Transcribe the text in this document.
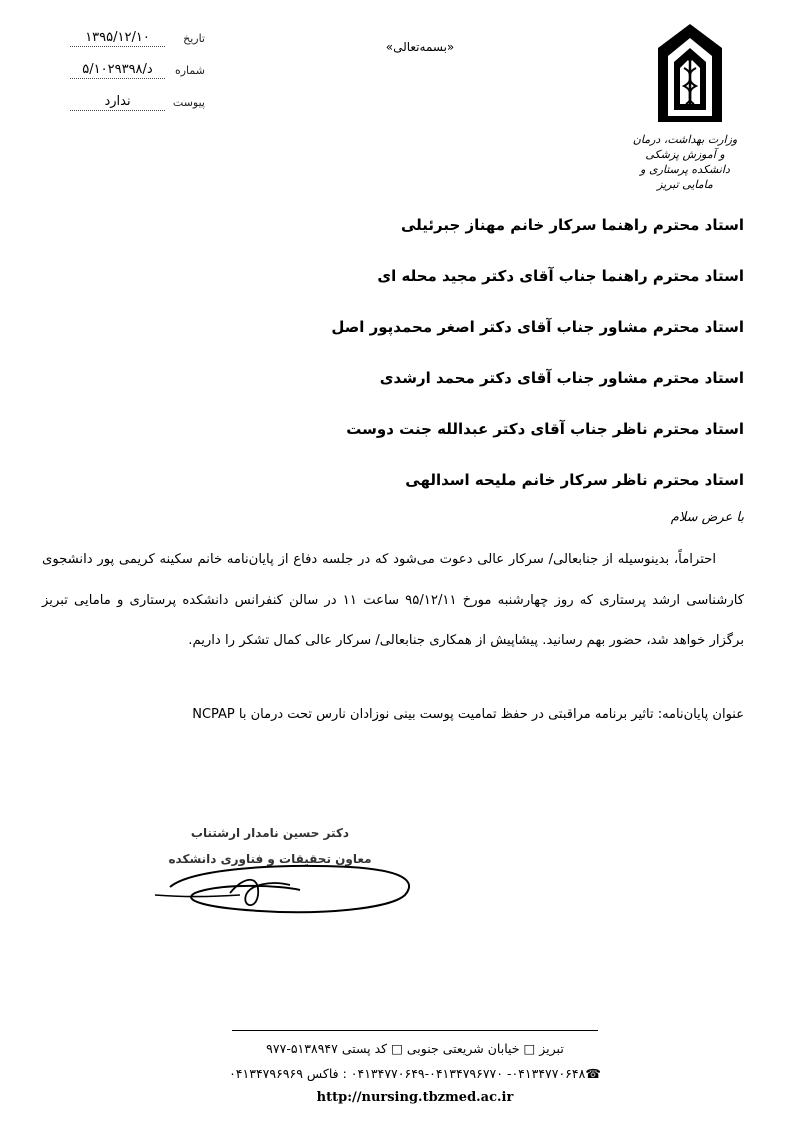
تاریخ
۱۳۹۵/۱۲/۱۰
شماره
۵/د/۱۰۲۹۳۹۸
پیوست
ندارد
«بسمه‌تعالی»
وزارت بهداشت، درمان و آموزش پزشکی
دانشکده پرستاری و مامایی تبریز
استاد محترم راهنما سرکار خانم مهناز جبرئیلی
استاد محترم راهنما جناب آقای دکتر مجید محله ای
استاد محترم مشاور جناب آقای دکتر اصغر محمدپور اصل
استاد محترم مشاور جناب آقای دکتر محمد ارشدی
استاد محترم ناظر جناب آقای دکتر عبدالله جنت دوست
استاد محترم ناظر سرکار خانم ملیحه اسدالهی
با عرض سلام

احتراماً، بدینوسیله از جنابعالی/ سرکار عالی دعوت می‌شود که در جلسه دفاع از پایان‌نامه خانم سکینه کریمی پور دانشجوی کارشناسی ارشد پرستاری که روز چهارشنبه مورخ ۹۵/۱۲/۱۱ ساعت ۱۱ در سالن کنفرانس دانشکده پرستاری و مامایی تبریز برگزار خواهد شد، حضور بهم رسانید. پیشاپیش از همکاری جنابعالی/ سرکار عالی کمال تشکر را داریم.

عنوان پایان‌نامه: تاثیر برنامه مراقبتی در حفظ تمامیت پوست بینی نوزادان نارس تحت درمان با NCPAP
دکتر حسین نامدار ارشتناب
معاون تحقیقات و فناوری دانشکده
تبریز □ خیابان شریعتی جنوبی □ کد پستی ۵۱۳۸۹۴۷-۹۷۷
☎۰۴۱۳۴۷۷۰۶۴۸- ۰۴۱۳۴۷۷۰۶۴۹-۰۴۱۳۴۷۹۶۷۷۰ : فاکس ۰۴۱۳۴۷۹۶۹۶۹
http://nursing.tbzmed.ac.ir
